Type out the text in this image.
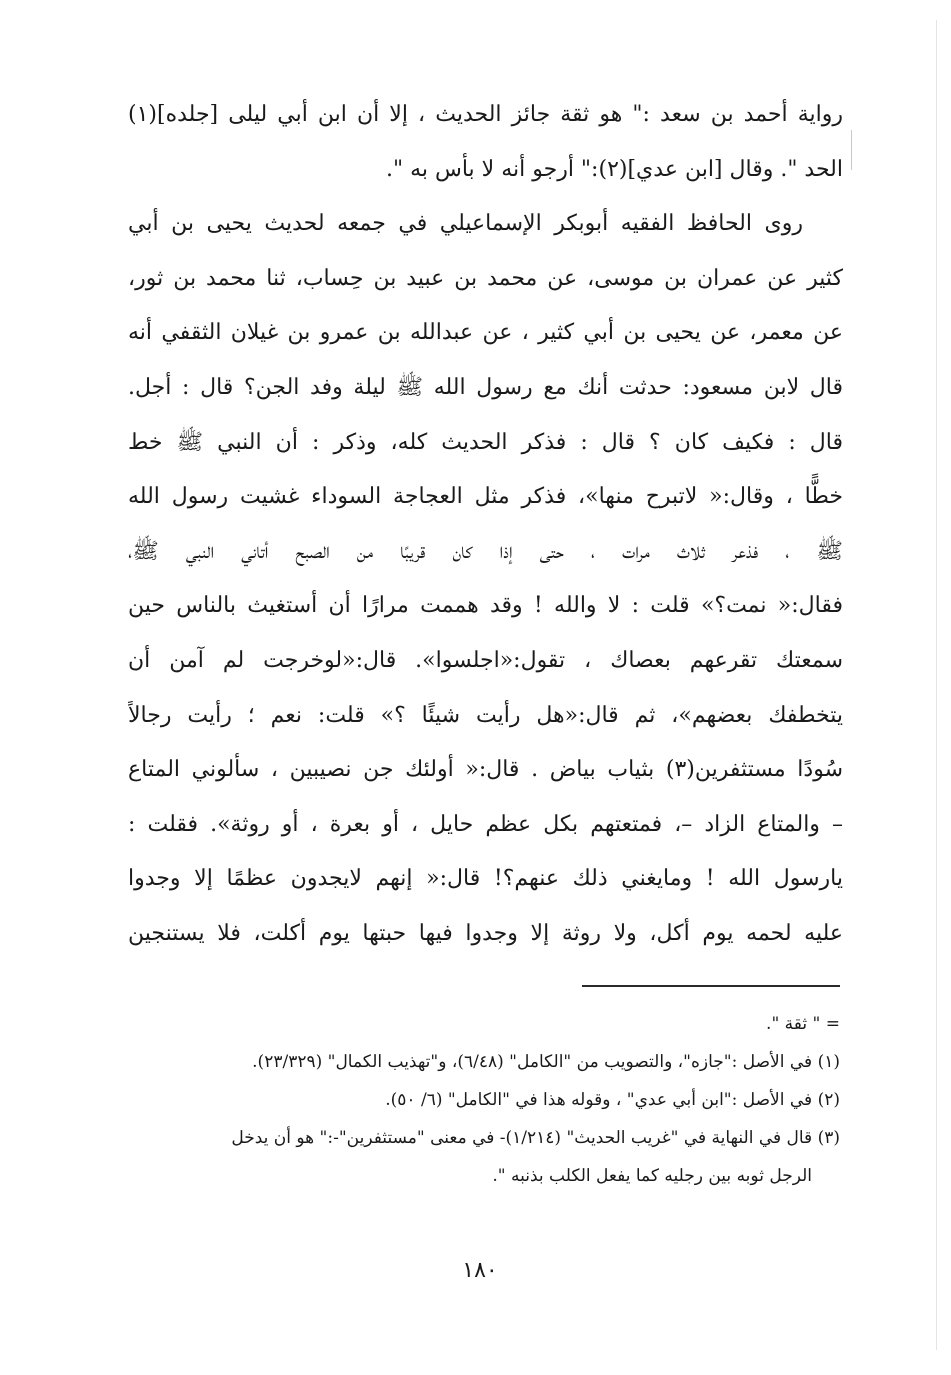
رواية أحمد بن سعد :" هو ثقة جائز الحديث ، إلا أن ابن أبي ليلى [جلده](١)
الحد ". وقال [ابن عدي](٢):" أرجو أنه لا بأس به ".
روى الحافظ الفقيه أبوبكر الإسماعيلي في جمعه لحديث يحيى بن أبي
كثير عن عمران بن موسى، عن محمد بن عبيد بن حِساب، ثنا محمد بن ثور،
عن معمر، عن يحيى بن أبي كثير ، عن عبدالله بن عمرو بن غيلان الثقفي أنه
قال لابن مسعود: حدثت أنك مع رسول الله ﷺ ليلة وفد الجن؟ قال : أجل.
قال : فكيف كان ؟ قال : فذكر الحديث كله، وذكر : أن النبي ﷺ خط
خطًّا ، وقال:« لاتبرح منها»، فذكر مثل العجاجة السوداء غشيت رسول الله
ﷺ ، فذعر ثلاث مرات ، حتى إذا كان قريبًا من الصبح أتاني النبي ﷺ،
فقال:« نمت؟» قلت : لا والله ! وقد هممت مرارًا أن أستغيث بالناس حين
سمعتك تقرعهم بعصاك ، تقول:«اجلسوا». قال:«لوخرجت لم آمن أن
يتخطفك بعضهم»، ثم قال:«هل رأيت شيئًا ؟» قلت: نعم ؛ رأيت رجالاً
سُودًا مستثفرين(٣) بثياب بياض . قال:« أولئك جن نصيبين ، سألوني المتاع
– والمتاع الزاد –، فمتعتهم بكل عظم حايل ، أو بعرة ، أو روثة». فقلت :
يارسول الله ! ومايغني ذلك عنهم؟! قال:« إنهم لايجدون عظمًا إلا وجدوا
عليه لحمه يوم أكل، ولا روثة إلا وجدوا فيها حبتها يوم أكلت، فلا يستنجين
= " ثقة ".
(١) في الأصل :"جازه"، والتصويب من "الكامل" (٦/٤٨)، و"تهذيب الكمال" (٢٣/٣٢٩).
(٢) في الأصل :"ابن أبي عدي" ، وقوله هذا في "الكامل" (٦/ ٥٠).
(٣) قال في النهاية في "غريب الحديث" (١/٢١٤)- في معنى "مستثفرين"-:" هو أن يدخل
الرجل ثوبه بين رجليه كما يفعل الكلب بذنبه ".
١٨٠
